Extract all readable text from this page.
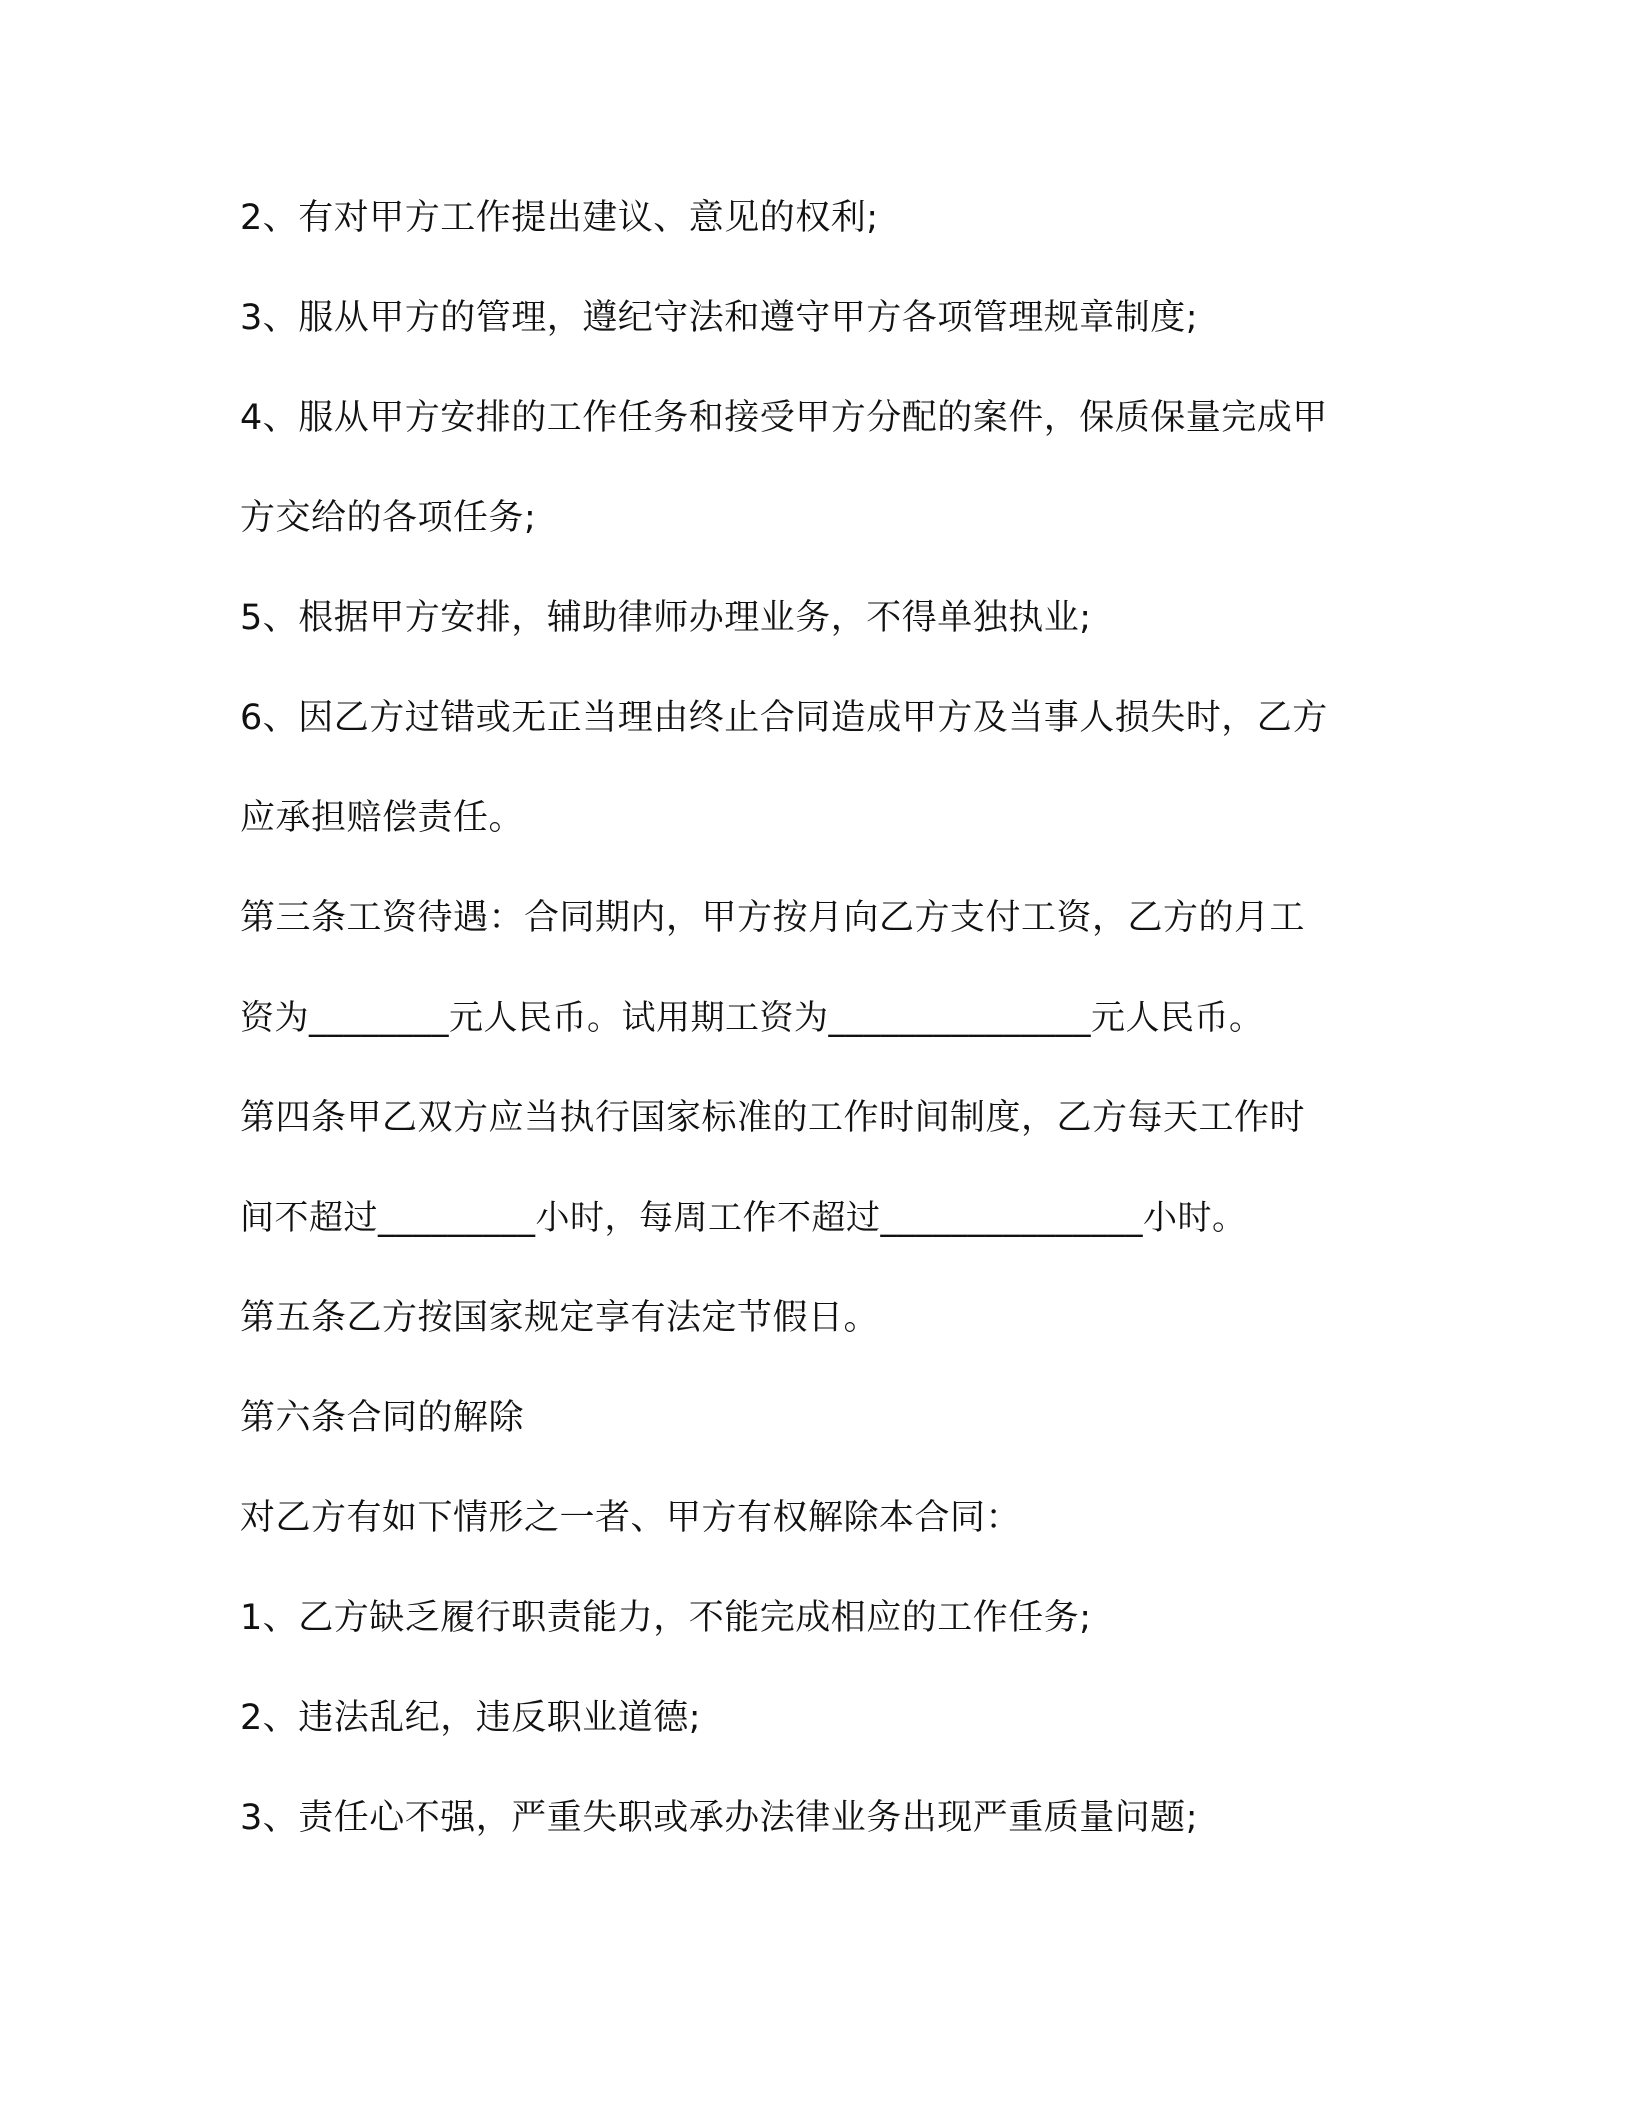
2、有对甲方工作提出建议、意见的权利;
3、服从甲方的管理，遵纪守法和遵守甲方各项管理规章制度;
4、服从甲方安排的工作任务和接受甲方分配的案件，保质保量完成甲
方交给的各项任务;
5、根据甲方安排，辅助律师办理业务，不得单独执业;
6、因乙方过错或无正当理由终止合同造成甲方及当事人损失时，乙方
应承担赔偿责任。
第三条工资待遇：合同期内，甲方按月向乙方支付工资，乙方的月工
资为________元人民币。试用期工资为_______________元人民币。
第四条甲乙双方应当执行国家标准的工作时间制度，乙方每天工作时
间不超过_________小时，每周工作不超过_______________小时。
第五条乙方按国家规定享有法定节假日。
第六条合同的解除
对乙方有如下情形之一者、甲方有权解除本合同：
1、乙方缺乏履行职责能力，不能完成相应的工作任务;
2、违法乱纪，违反职业道德;
3、责任心不强，严重失职或承办法律业务出现严重质量问题;
